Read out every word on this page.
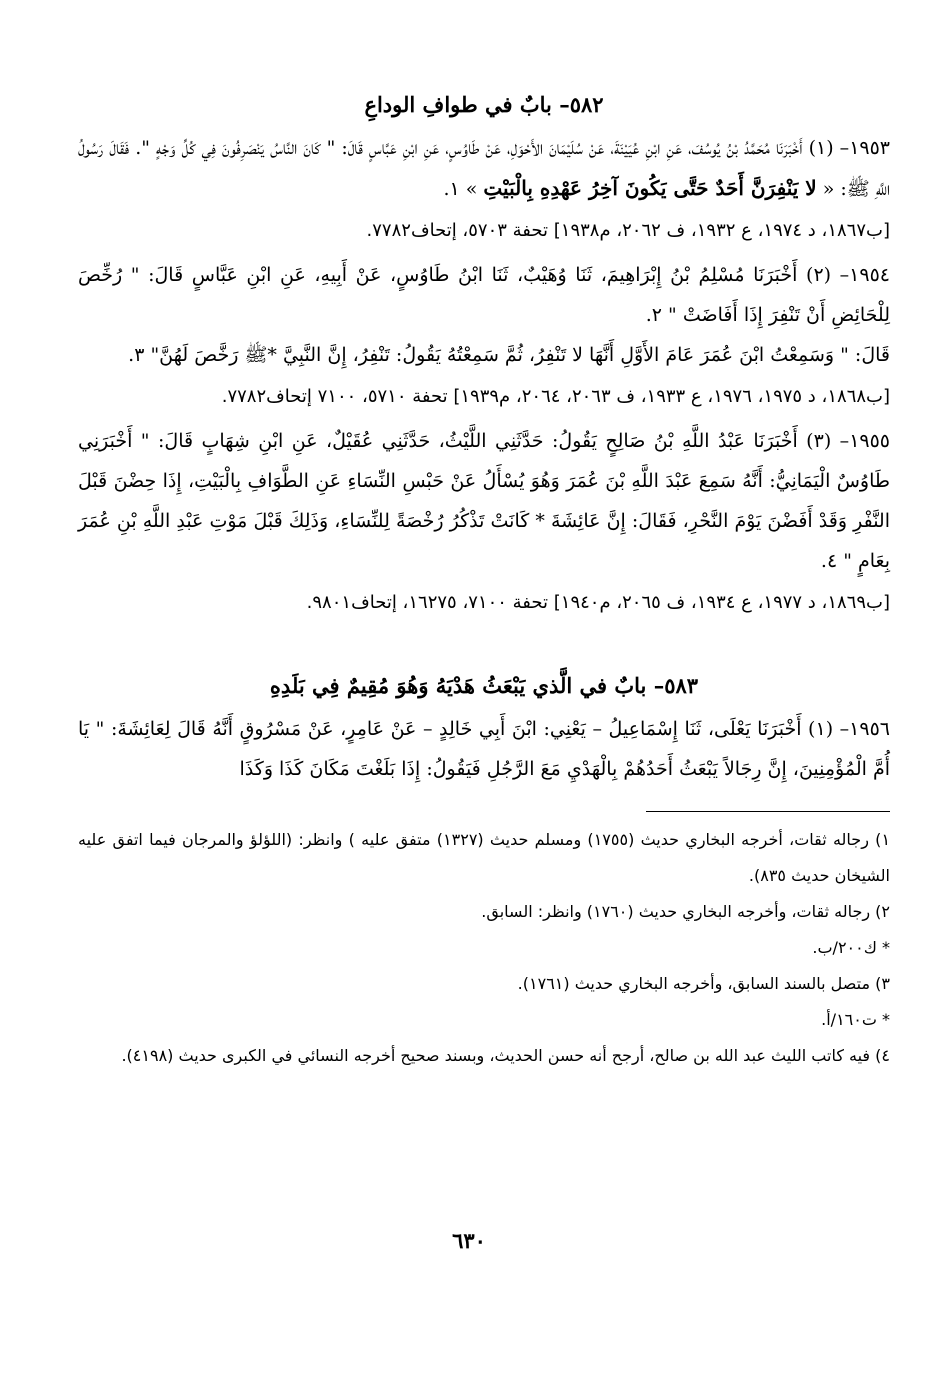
٥٨٢– بابٌ في طوافِ الوداعِ

١٩٥٣– (١) أَخْبَرَنَا مُحَمَّدُ بْنُ يُوسُفَ، عَنِ ابْنِ عُيَيْنَةَ، عَنْ سُلَيْمَانَ الأَحْوَلِ، عَنْ طَاوُسٍ، عَنِ ابْنِ عَبَّاسٍ قَالَ: " كَانَ النَّاسُ يَنْصَرِفُونَ فِي كُلِّ وَجْهٍ ". فَقَالَ رَسُولُ اللَّهِ ﷺ: « لا يَنْفِرَنَّ أَحَدٌ حَتَّى يَكُونَ آخِرُ عَهْدِهِ بِالْبَيْتِ » ١.

[ب١٨٦٧، د ١٩٧٤، ع ١٩٣٢، ف ٢٠٦٢، م١٩٣٨] تحفة ٥٧٠٣، إتحاف٧٧٨٢.

١٩٥٤– (٢) أَخْبَرَنَا مُسْلِمُ بْنُ إِبْرَاهِيمَ، ثَنَا وُهَيْبٌ، ثَنَا ابْنُ طَاوُسٍ، عَنْ أَبِيهِ، عَنِ ابْنِ عَبَّاسٍ قَالَ: " رُخِّصَ لِلْحَائِضِ أَنْ تَنْفِرَ إِذَا أَفَاضَتْ " ٢.

قَالَ: " وَسَمِعْتُ ابْنَ عُمَرَ عَامَ الأَوَّلِ أَنَّهَا لا تَنْفِرُ، ثُمَّ سَمِعْتُهُ يَقُولُ: تَنْفِرُ، إِنَّ النَّبِيَّ *ﷺ رَخَّصَ لَهُنَّ" ٣.

[ب١٨٦٨، د ١٩٧٥، ١٩٧٦، ع ١٩٣٣، ف ٢٠٦٣، ٢٠٦٤، م١٩٣٩] تحفة ٥٧١٠، ٧١٠٠ إتحاف٧٧٨٢.

١٩٥٥– (٣) أَخْبَرَنَا عَبْدُ اللَّهِ بْنُ صَالِحٍ يَقُولُ: حَدَّثَنِي اللَّيْثُ، حَدَّثَنِي عُقَيْلٌ، عَنِ ابْنِ شِهَابٍ قَالَ: " أَخْبَرَنِي طَاوُسٌ الْيَمَانِيُّ: أَنَّهُ سَمِعَ عَبْدَ اللَّهِ بْنَ عُمَرَ وَهُوَ يُسْأَلُ عَنْ حَبْسِ النِّسَاءِ عَنِ الطَّوَافِ بِالْبَيْتِ، إِذَا حِضْنَ قَبْلَ النَّفْرِ وَقَدْ أَفَضْنَ يَوْمَ النَّحْرِ، فَقَالَ: إِنَّ عَائِشَةَ * كَانَتْ تَذْكُرُ رُخْصَةً لِلنِّسَاءِ، وَذَلِكَ قَبْلَ مَوْتِ عَبْدِ اللَّهِ بْنِ عُمَرَ بِعَامٍ " ٤.

[ب١٨٦٩، د ١٩٧٧، ع ١٩٣٤، ف ٢٠٦٥، م١٩٤٠] تحفة ٧١٠٠، ١٦٢٧٥، إتحاف٩٨٠١.

٥٨٣– بابٌ في الَّذي يَبْعَثُ هَدْيَهُ وَهُوَ مُقِيمٌ فِي بَلَدِهِ

١٩٥٦– (١) أَخْبَرَنَا يَعْلَى، ثَنَا إِسْمَاعِيلُ – يَعْنِي: ابْنَ أَبِي خَالِدٍ – عَنْ عَامِرٍ، عَنْ مَسْرُوقٍ أَنَّهُ قَالَ لِعَائِشَةَ: " يَا أُمَّ الْمُؤْمِنِينَ، إِنَّ رِجَالاً يَبْعَثُ أَحَدُهُمْ بِالْهَدْيِ مَعَ الرَّجُلِ فَيَقُولُ: إِذَا بَلَغْتَ مَكَانَ كَذَا وَكَذَا

١) رجاله ثقات، أخرجه البخاري حديث (١٧٥٥) ومسلم حديث (١٣٢٧) متفق عليه ) وانظر: (اللؤلؤ والمرجان فيما اتفق عليه الشيخان حديث ٨٣٥).

٢) رجاله ثقات، وأخرجه البخاري حديث (١٧٦٠) وانظر: السابق.

* ك٢٠٠/ب.

٣) متصل بالسند السابق، وأخرجه البخاري حديث (١٧٦١).

* ت١٦٠/أ.

٤) فيه كاتب الليث عبد الله بن صالح، أرجح أنه حسن الحديث، وبسند صحيح أخرجه النسائي في الكبرى حديث (٤١٩٨).

٦٣٠
